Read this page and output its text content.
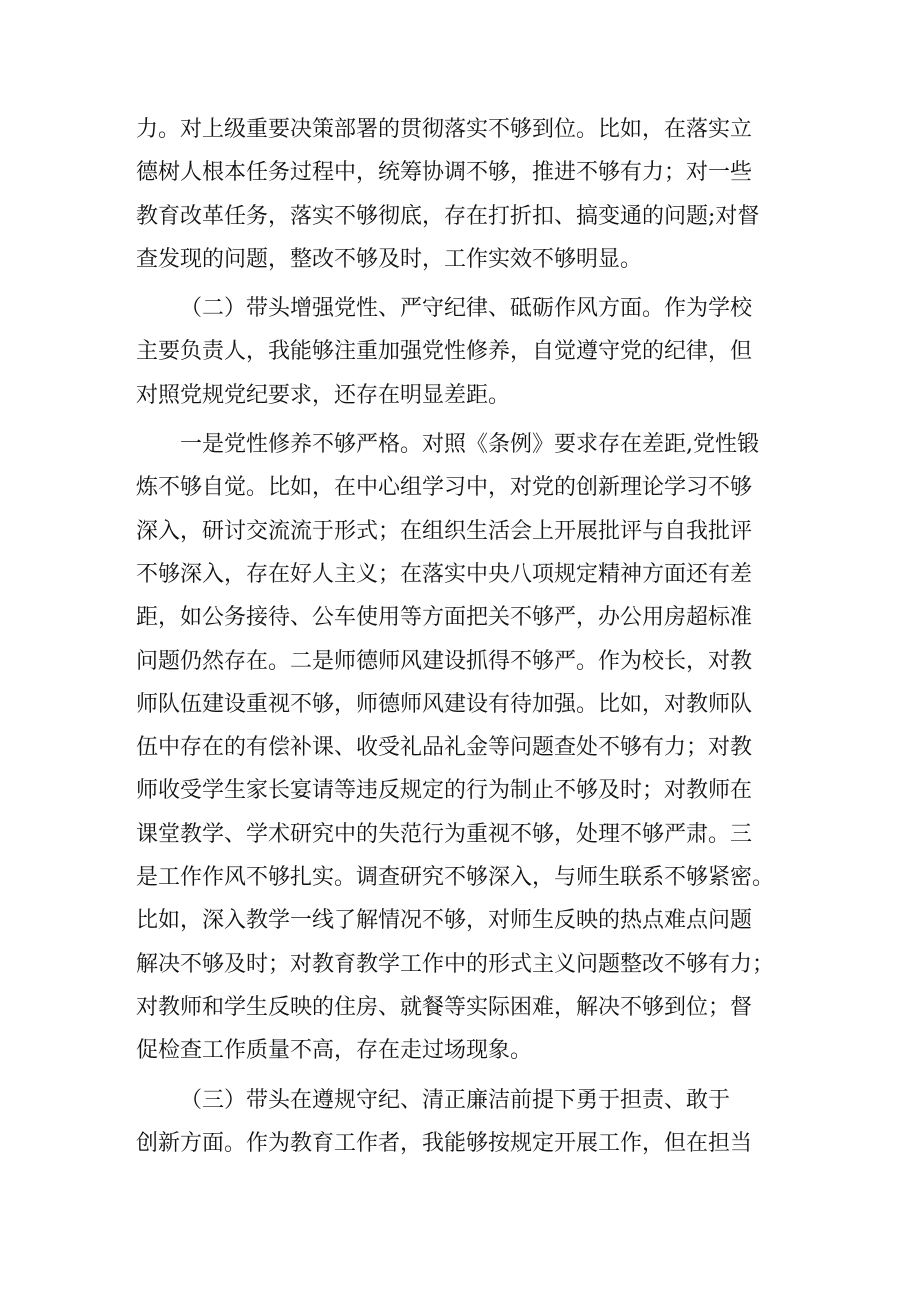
力。对上级重要决策部署的贯彻落实不够到位。比如，在落实立
德树人根本任务过程中，统筹协调不够，推进不够有力；对一些
教育改革任务，落实不够彻底，存在打折扣、搞变通的问题;对督
查发现的问题，整改不够及时，工作实效不够明显。
（二）带头增强党性、严守纪律、砥砺作风方面。作为学校
主要负责人，我能够注重加强党性修养，自觉遵守党的纪律，但
对照党规党纪要求，还存在明显差距。
一是党性修养不够严格。对照《条例》要求存在差距,党性锻
炼不够自觉。比如，在中心组学习中，对党的创新理论学习不够
深入，研讨交流流于形式；在组织生活会上开展批评与自我批评
不够深入，存在好人主义；在落实中央八项规定精神方面还有差
距，如公务接待、公车使用等方面把关不够严，办公用房超标准
问题仍然存在。二是师德师风建设抓得不够严。作为校长，对教
师队伍建设重视不够，师德师风建设有待加强。比如，对教师队
伍中存在的有偿补课、收受礼品礼金等问题查处不够有力；对教
师收受学生家长宴请等违反规定的行为制止不够及时；对教师在
课堂教学、学术研究中的失范行为重视不够，处理不够严肃。三
是工作作风不够扎实。调查研究不够深入，与师生联系不够紧密。
比如，深入教学一线了解情况不够，对师生反映的热点难点问题
解决不够及时；对教育教学工作中的形式主义问题整改不够有力；
对教师和学生反映的住房、就餐等实际困难，解决不够到位；督
促检查工作质量不高，存在走过场现象。
（三）带头在遵规守纪、清正廉洁前提下勇于担责、敢于
创新方面。作为教育工作者，我能够按规定开展工作，但在担当
